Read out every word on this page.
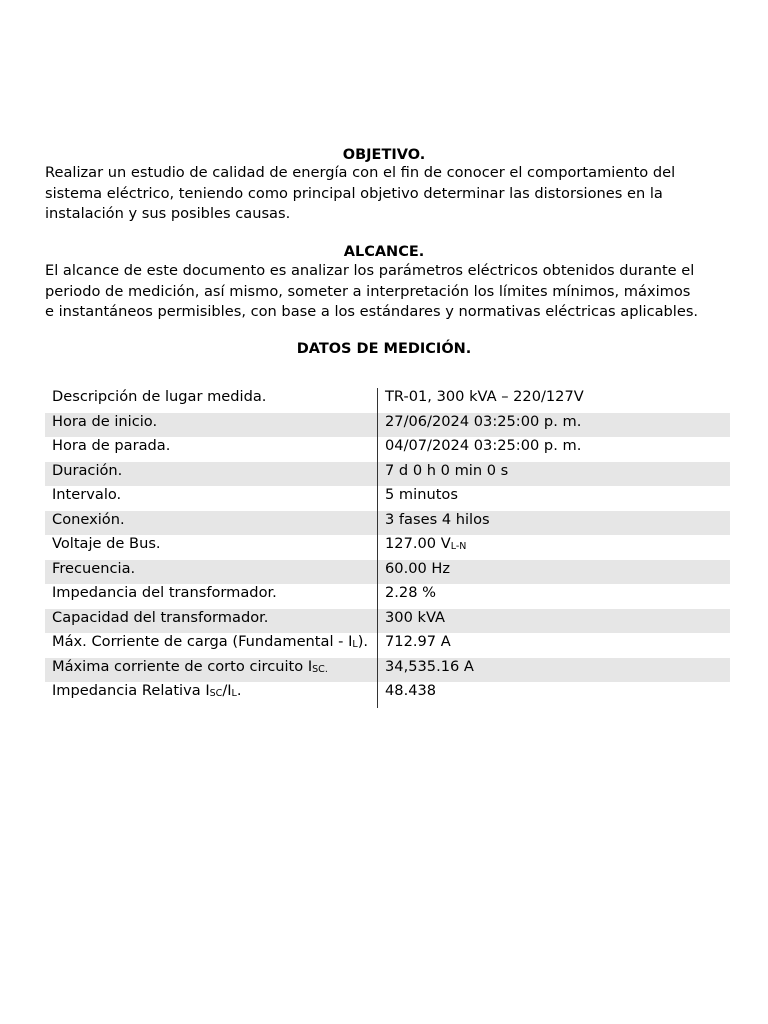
OBJETIVO.
Realizar un estudio de calidad de energía con el fin de conocer el comportamiento del
sistema eléctrico, teniendo como principal objetivo determinar las distorsiones en la
instalación y sus posibles causas.
ALCANCE.
El alcance de este documento es analizar los parámetros eléctricos obtenidos durante el
periodo de medición, así mismo, someter a interpretación los límites mínimos, máximos
e instantáneos permisibles, con base a los estándares y normativas eléctricas aplicables.
DATOS DE MEDICIÓN.
Descripción de lugar medida.	TR-01, 300 kVA – 220/127V
Hora de inicio.	27/06/2024 03:25:00 p. m.
Hora de parada.	04/07/2024 03:25:00 p. m.
Duración.	7 d 0 h 0 min 0 s
Intervalo.	5 minutos
Conexión.	3 fases 4 hilos
Voltaje de Bus.	127.00 VL-N
Frecuencia.	60.00 Hz
Impedancia del transformador.	2.28 %
Capacidad del transformador.	300 kVA
Máx. Corriente de carga (Fundamental - IL). 712.97 A
Máxima corriente de corto circuito ISC.	34,535.16 A
Impedancia Relativa ISC/IL.	48.438
